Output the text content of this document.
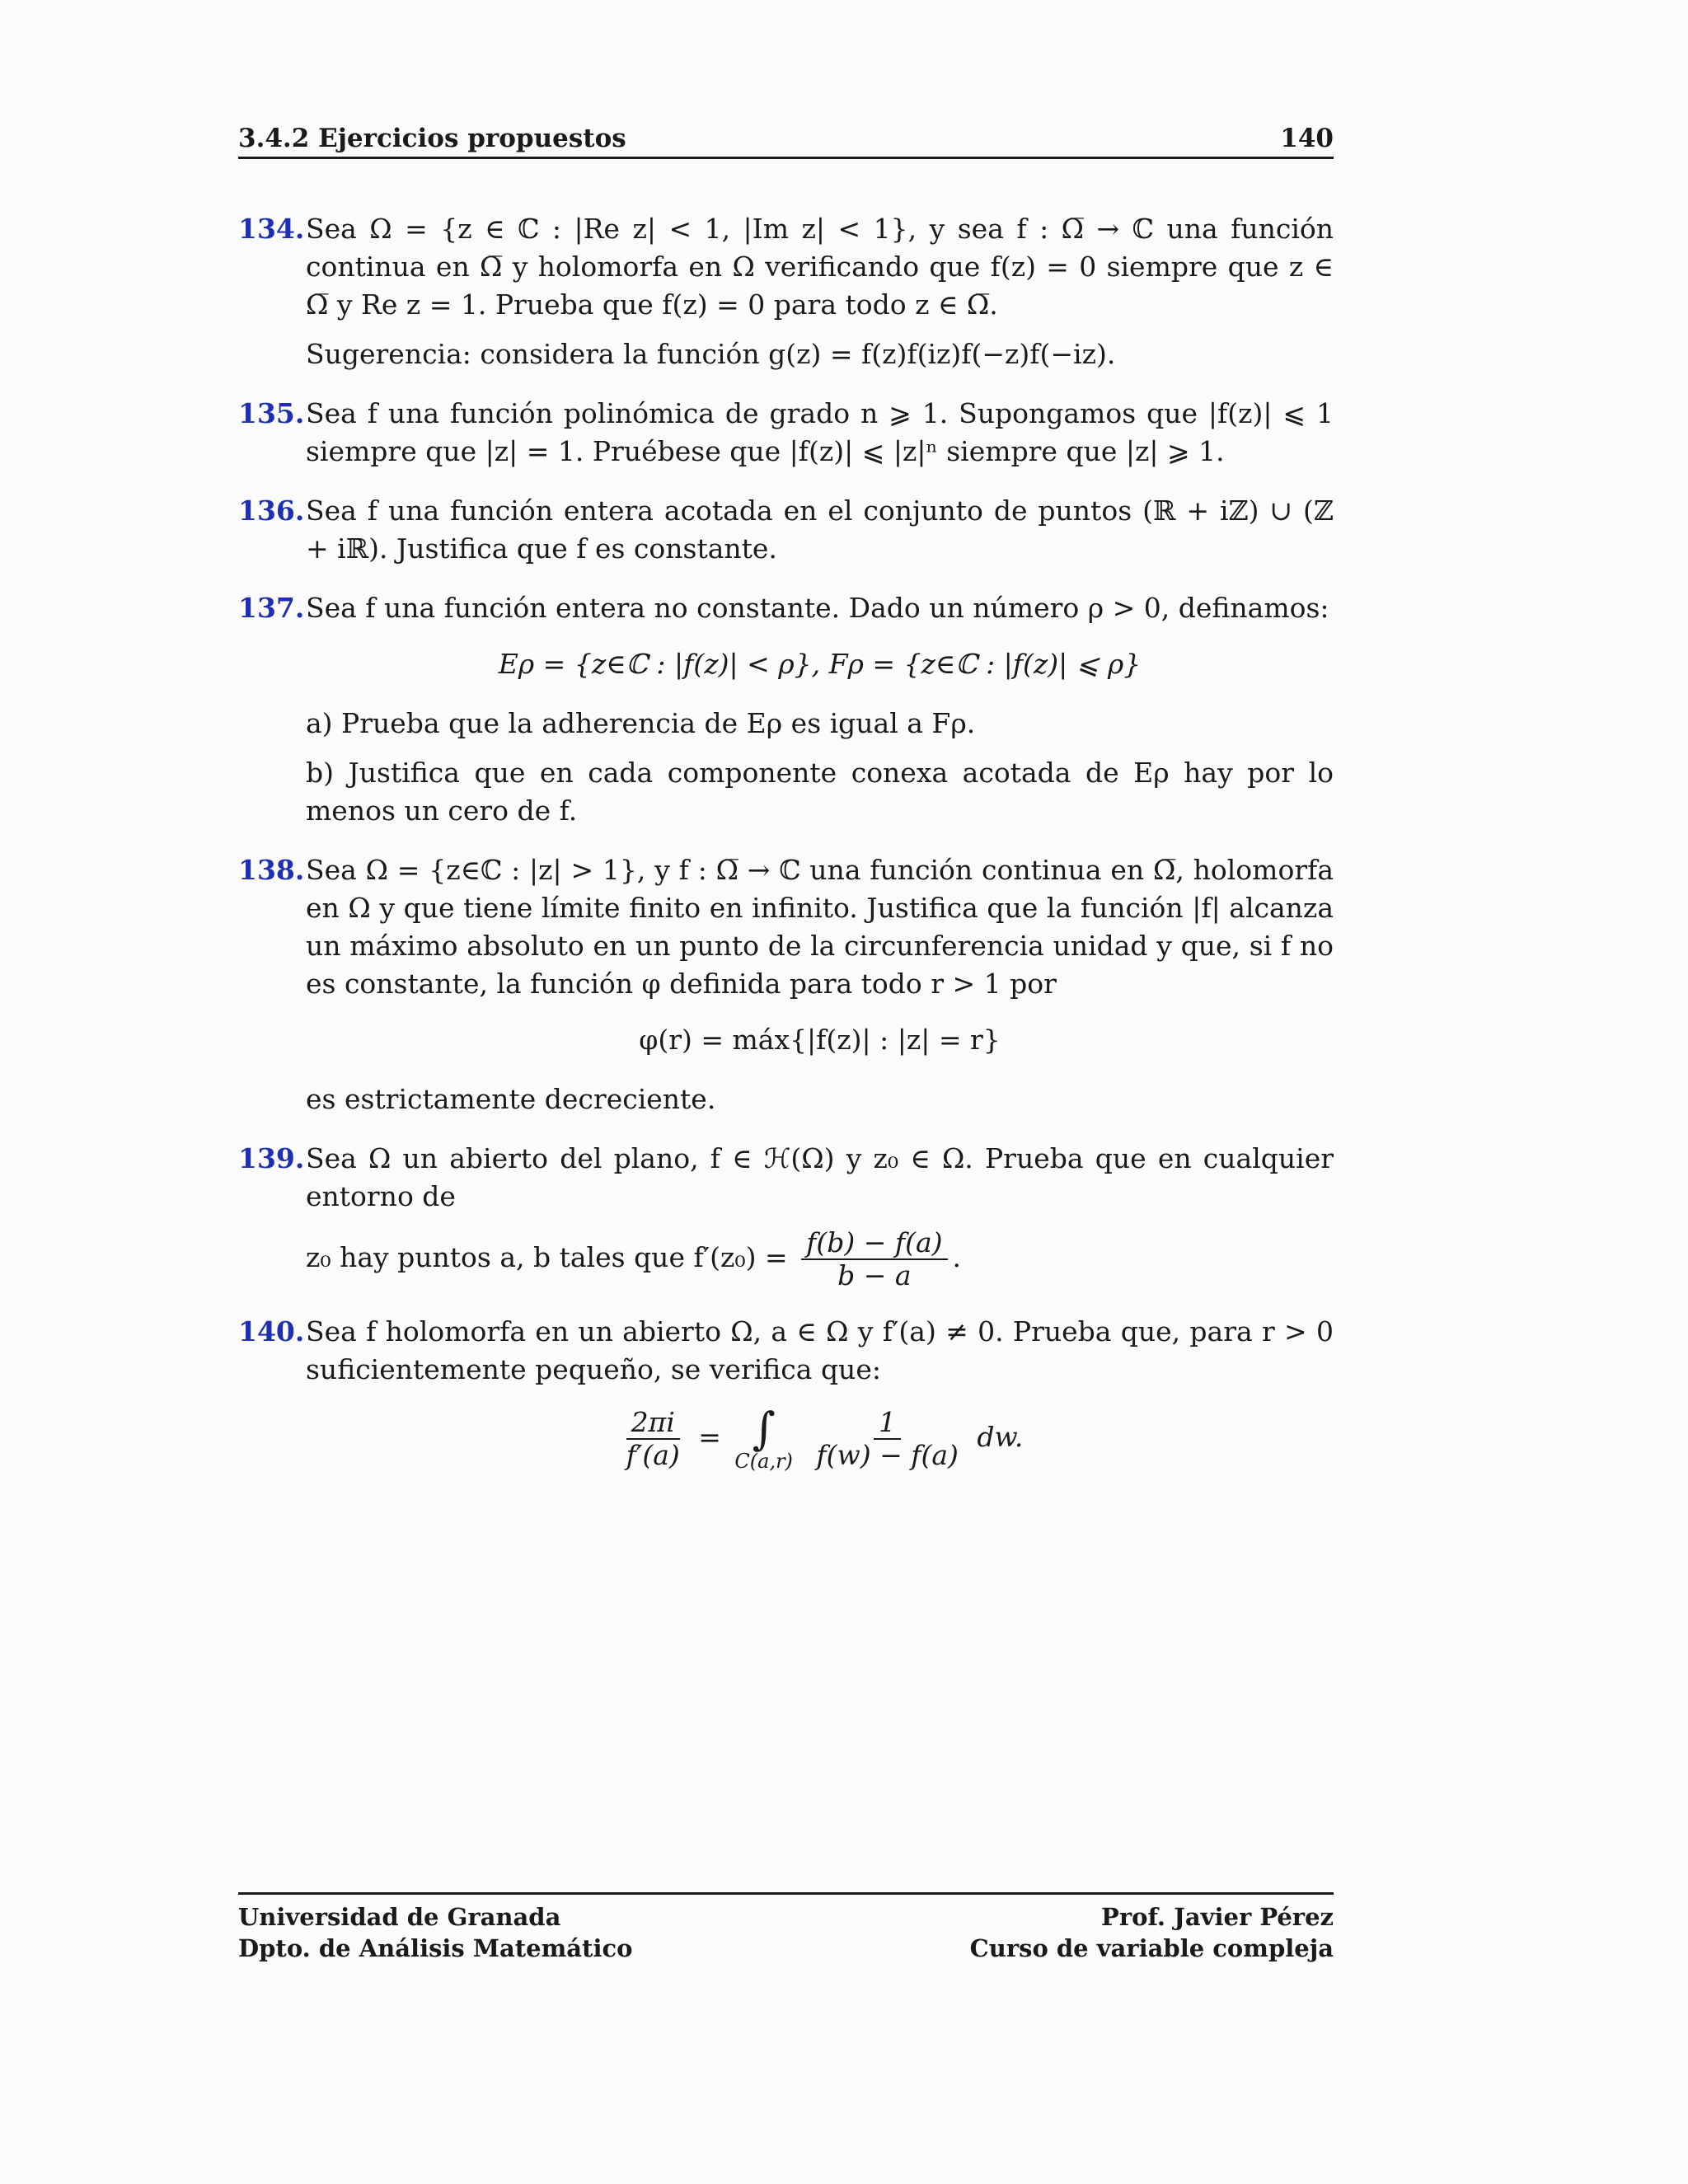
3.4.2 Ejercicios propuestos	140
134. Sea Ω = {z ∈ ℂ : |Re z| < 1, |Im z| < 1}, y sea f : Ω̅ → ℂ una función continua en Ω̅ y holomorfa en Ω verificando que f(z) = 0 siempre que z ∈ Ω̅ y Re z = 1. Prueba que f(z) = 0 para todo z ∈ Ω̅.

Sugerencia: considera la función g(z) = f(z)f(iz)f(−z)f(−iz).

135. Sea f una función polinómica de grado n ⩾ 1. Supongamos que |f(z)| ⩽ 1 siempre que |z| = 1. Pruébese que |f(z)| ⩽ |z|ⁿ siempre que |z| ⩾ 1.

136. Sea f una función entera acotada en el conjunto de puntos (ℝ + iℤ) ∪ (ℤ + iℝ). Justifica que f es constante.

137. Sea f una función entera no constante. Dado un número ρ > 0, definamos:

Eρ = {z∈ℂ : |f(z)| < ρ}, Fρ = {z∈ℂ : |f(z)| ⩽ ρ}

a) Prueba que la adherencia de Eρ es igual a Fρ.

b) Justifica que en cada componente conexa acotada de Eρ hay por lo menos un cero de f.

138. Sea Ω = {z∈ℂ : |z| > 1}, y f : Ω̅ → ℂ una función continua en Ω̅, holomorfa en Ω y que tiene límite finito en infinito. Justifica que la función |f| alcanza un máximo absoluto en un punto de la circunferencia unidad y que, si f no es constante, la función φ definida para todo r > 1 por

φ(r) = máx{|f(z)| : |z| = r}

es estrictamente decreciente.

139. Sea Ω un abierto del plano, f ∈ ℋ(Ω) y z₀ ∈ Ω. Prueba que en cualquier entorno de

z₀ hay puntos a, b tales que $f'(z_0) = \frac{f(b) - f(a)}{b - a}$ .

140. Sea f holomorfa en un abierto Ω, a ∈ Ω y f′(a) ≠ 0. Prueba que, para r > 0 suficientemente pequeño, se verifica que:

$\frac{2\pi i}{f'(a)}$ = ∫
C(a,r)
$\frac{1}{f(w) - f(a)}$ dw.
Universidad de Granada
Dpto. de Análisis Matemático
Prof. Javier Pérez
Curso de variable compleja
